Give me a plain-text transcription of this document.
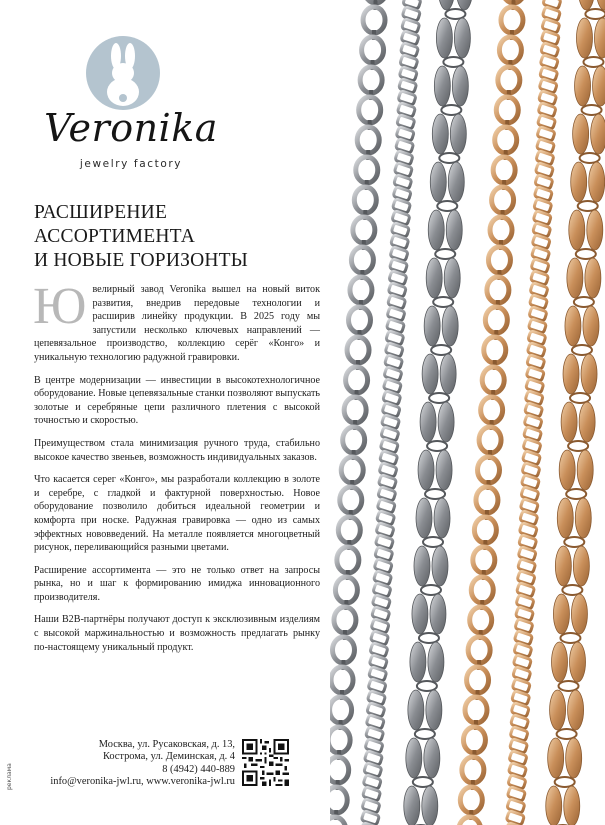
Veronika
jewelry factory
РАСШИРЕНИЕ
АССОРТИМЕНТА
И НОВЫЕ ГОРИЗОНТЫ

Ювелирный завод Veronika вышел на новый виток развития, внедрив передовые технологии и расширив линейку продукции. В 2025 году мы запустили несколько ключевых направлений — цепевязальное производство, коллекцию серёг «Конго» и уникальную технологию радужной гравировки.

В центре модернизации — инвестиции в высокотехнологичное оборудование. Новые цепевязальные станки позволяют выпускать золотые и серебряные цепи различного плетения с высокой точностью и скоростью.

Преимуществом стала минимизация ручного труда, стабильно высокое качество звеньев, возможность индивидуальных заказов.

Что касается серег «Конго», мы разработали коллекцию в золоте и серебре, с гладкой и фактурной поверхностью. Новое оборудование позволило добиться идеальной геометрии и комфорта при носке. Радужная гравировка — одно из самых эффектных нововведений. На металле появляется многоцветный рисунок, переливающийся разными цветами.

Расширение ассортимента — это не только ответ на запросы рынка, но и шаг к формированию имиджа инновационного производителя.

Наши B2B-партнёры получают доступ к эксклюзивным изделиям с высокой маржинальностью и возможность предлагать рынку по-настоящему уникальный продукт.

Москва, ул. Русаковская, д. 13,
Кострома, ул. Деминская, д. 4
8 (4942) 440-889
info@veronika-jwl.ru, www.veronika-jwl.ru
реклама
